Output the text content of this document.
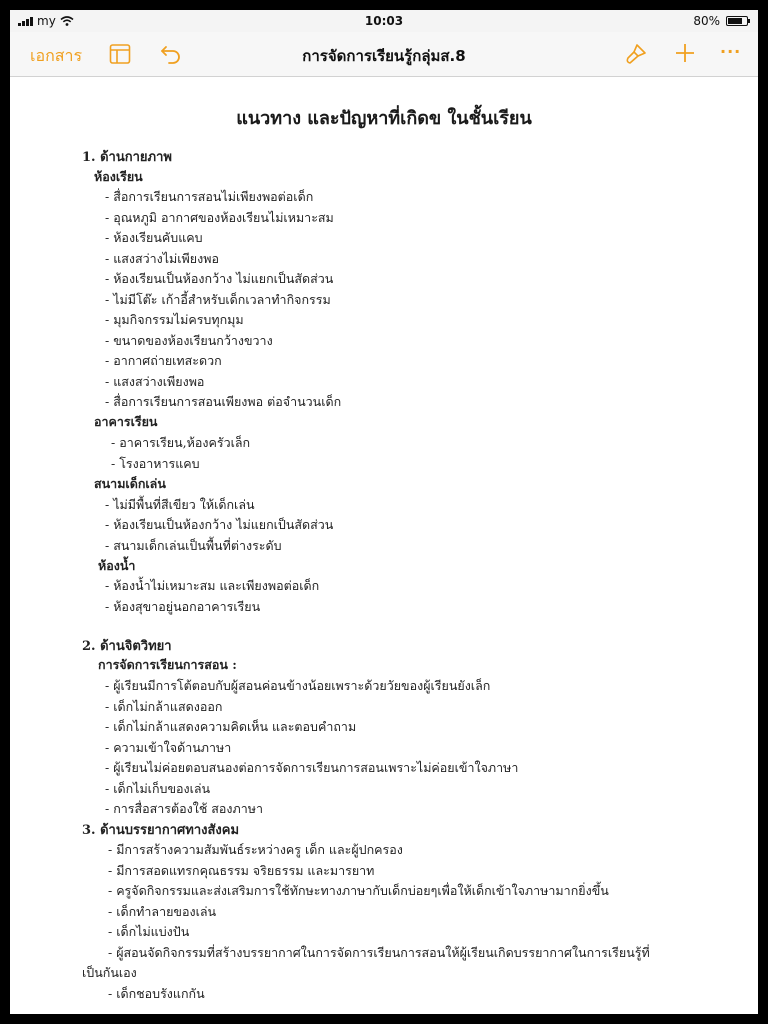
my	10:03	80%
เอกสาร	การจัดการเรียนรู้กลุ่มส.8	···
แนวทาง และปัญหาที่เกิดข ในชั้นเรียน
1. ด้านกายภาพ
ห้องเรียน
- สื่อการเรียนการสอนไม่เพียงพอต่อเด็ก
- อุณหภูมิ อากาศของห้องเรียนไม่เหมาะสม
- ห้องเรียนคับแคบ
- แสงสว่างไม่เพียงพอ
- ห้องเรียนเป็นห้องกว้าง ไม่แยกเป็นสัดส่วน
- ไม่มีโต๊ะ เก้าอี้สำหรับเด็กเวลาทำกิจกรรม
- มุมกิจกรรมไม่ครบทุกมุม
- ขนาดของห้องเรียนกว้างขวาง
- อากาศถ่ายเทสะดวก
- แสงสว่างเพียงพอ
- สื่อการเรียนการสอนเพียงพอ ต่อจำนวนเด็ก
อาคารเรียน
- อาคารเรียน,ห้องครัวเล็ก
- โรงอาหารแคบ
สนามเด็กเล่น
- ไม่มีพื้นที่สีเขียว ให้เด็กเล่น
- ห้องเรียนเป็นห้องกว้าง ไม่แยกเป็นสัดส่วน
- สนามเด็กเล่นเป็นพื้นที่ต่างระดับ
ห้องน้ำ
- ห้องน้ำไม่เหมาะสม และเพียงพอต่อเด็ก
- ห้องสุขาอยู่นอกอาคารเรียน
2. ด้านจิตวิทยา
การจัดการเรียนการสอน :
- ผู้เรียนมีการโต้ตอบกับผู้สอนค่อนข้างน้อยเพราะด้วยวัยของผู้เรียนยังเล็ก
- เด็กไม่กล้าแสดงออก
- เด็กไม่กล้าแสดงความคิดเห็น และตอบคำถาม
- ความเข้าใจด้านภาษา
- ผู้เรียนไม่ค่อยตอบสนองต่อการจัดการเรียนการสอนเพราะไม่ค่อยเข้าใจภาษา
- เด็กไม่เก็บของเล่น
- การสื่อสารต้องใช้ สองภาษา
3. ด้านบรรยากาศทางสังคม
- มีการสร้างความสัมพันธ์ระหว่างครู เด็ก และผู้ปกครอง
- มีการสอดแทรกคุณธรรม จริยธรรม และมารยาท
- ครูจัดกิจกรรมและส่งเสริมการใช้ทักษะทางภาษากับเด็กบ่อยๆเพื่อให้เด็กเข้าใจภาษามากยิ่งขึ้น
- เด็กทำลายของเล่น
- เด็กไม่แบ่งปัน
- ผู้สอนจัดกิจกรรมที่สร้างบรรยากาศในการจัดการเรียนการสอนให้ผู้เรียนเกิดบรรยากาศในการเรียนรู้ที่
เป็นกันเอง
- เด็กชอบรังแกกัน
